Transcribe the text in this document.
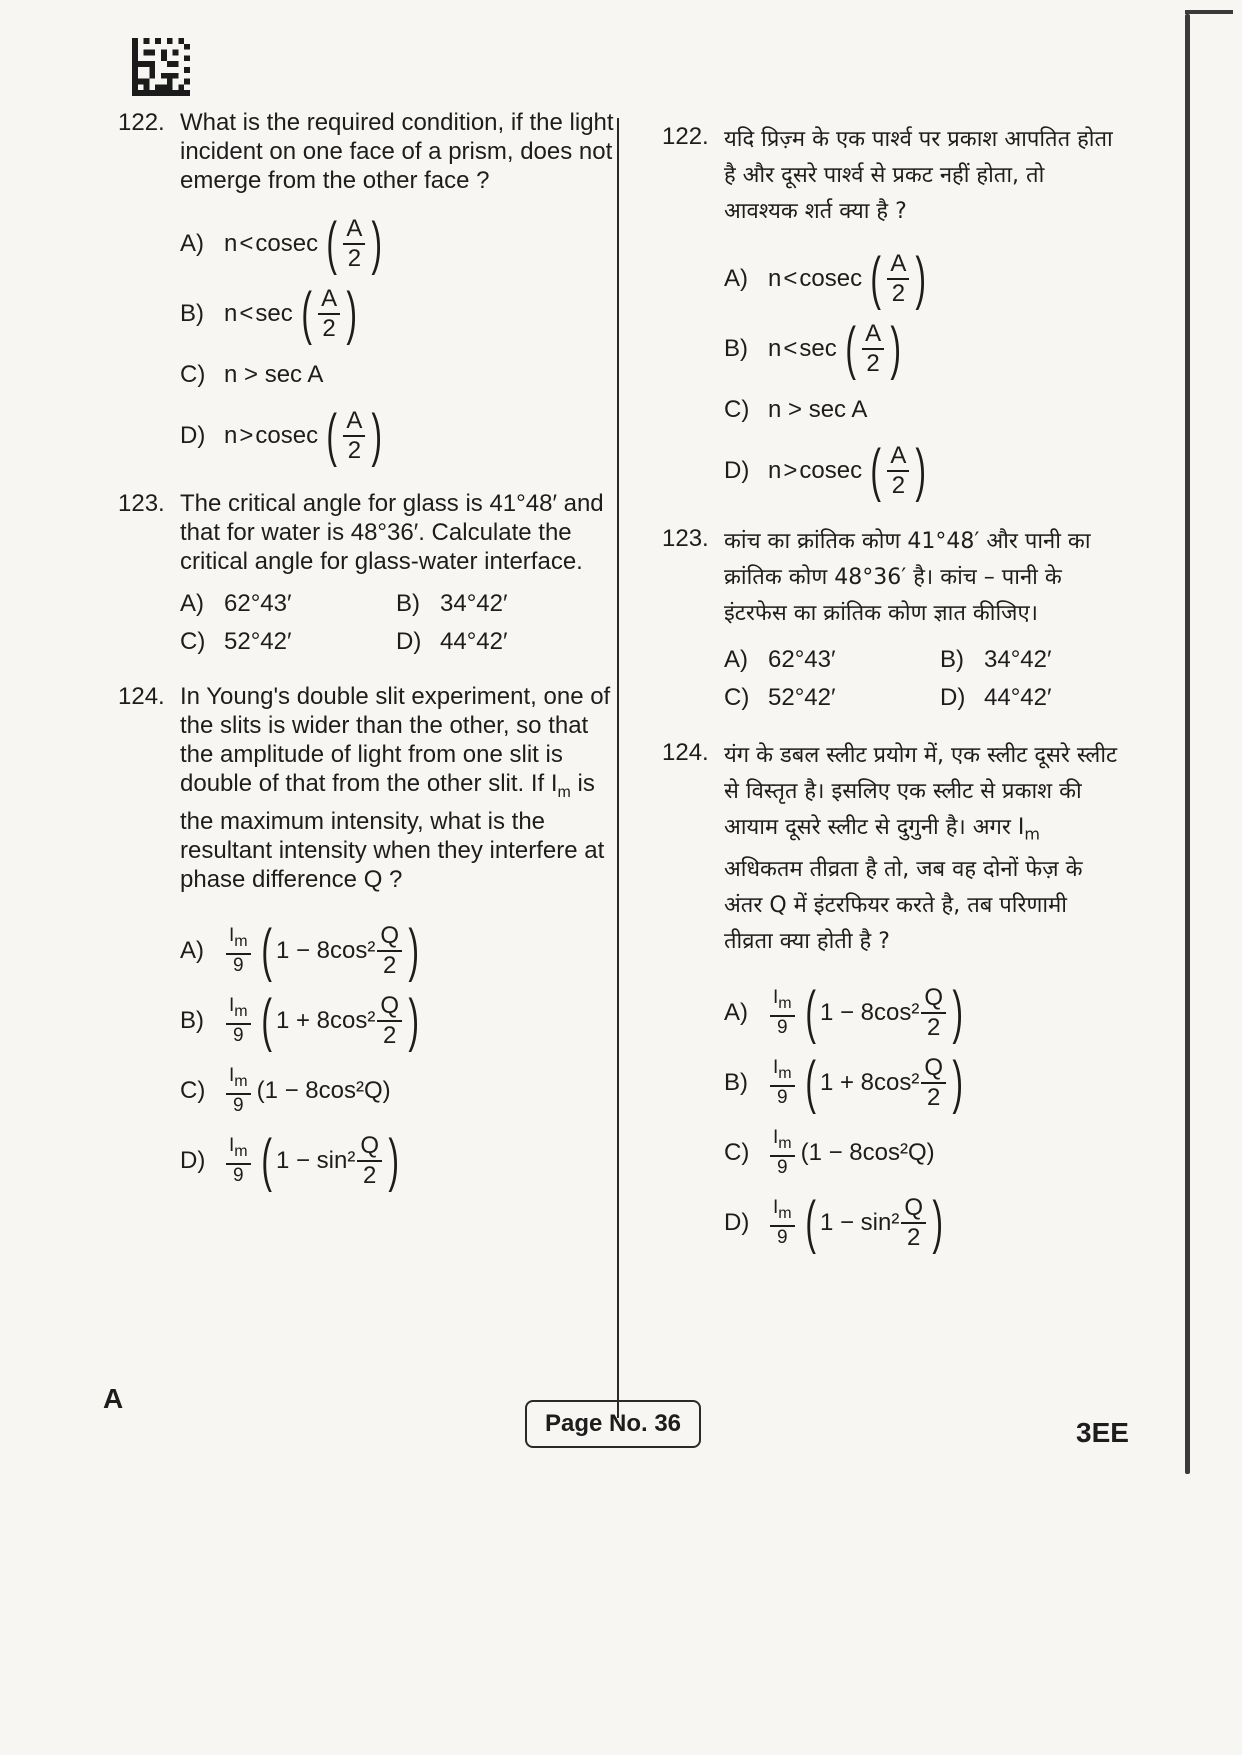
122. What is the required condition, if the light incident on one face of a prism, does not emerge from the other face ?
A) n < cosec ( $\frac{A}{2}$ )
B) n < sec ( $\frac{A}{2}$ )
C) n > sec A
D) n > cosec ( $\frac{A}{2}$ )
123. The critical angle for glass is 41°48′ and that for water is 48°36′. Calculate the critical angle for glass-water interface.
A) 62°43′	B) 34°42′
C) 52°42′	D) 44°42′
124. In Young's double slit experiment, one of the slits is wider than the other, so that the amplitude of light from one slit is double of that from the other slit. If $I_m$ is the maximum intensity, what is the resultant intensity when they interfere at phase difference Q ?
A)	$\frac{I_m}{9}$ ( $1 - 8\cos^2 \frac{Q}{2}$ )
B)	$\frac{I_m}{9}$ ( $1 + 8\cos^2 \frac{Q}{2}$ )
C)	$\frac{I_m}{9} (1 - 8\cos^2Q)$
D)	$\frac{I_m}{9}$ ( $1 - \sin^2 \frac{Q}{2}$ )
122. यदि प्रिज़्म के एक पार्श्व पर प्रकाश आपतित होता है और दूसरे पार्श्व से प्रकट नहीं होता, तो आवश्यक शर्त क्या है ?
A) n < cosec ( $\frac{A}{2}$ )
B) n < sec ( $\frac{A}{2}$ )
C) n > sec A
D) n > cosec ( $\frac{A}{2}$ )
123. कांच का क्रांतिक कोण 41°48′ और पानी का क्रांतिक कोण 48°36′ है। कांच – पानी के इंटरफेस का क्रांतिक कोण ज्ञात कीजिए।
A) 62°43′	B) 34°42′
C) 52°42′	D) 44°42′
124. यंग के डबल स्लीट प्रयोग में, एक स्लीट दूसरे स्लीट से विस्तृत है। इसलिए एक स्लीट से प्रकाश की आयाम दूसरे स्लीट से दुगुनी है। अगर $I_m$ अधिकतम तीव्रता है तो, जब वह दोनों फेज़ के अंतर Q में इंटरफियर करते है, तब परिणामी तीव्रता क्या होती है ?
A)	$\frac{I_m}{9}$ ( $1 - 8\cos^2 \frac{Q}{2}$ )
B)	$\frac{I_m}{9}$ ( $1 + 8\cos^2 \frac{Q}{2}$ )
C)	$\frac{I_m}{9} (1 - 8\cos^2Q)$
D)	$\frac{I_m}{9}$ ( $1 - \sin^2 \frac{Q}{2}$ )
A
Page No. 36	3EE
